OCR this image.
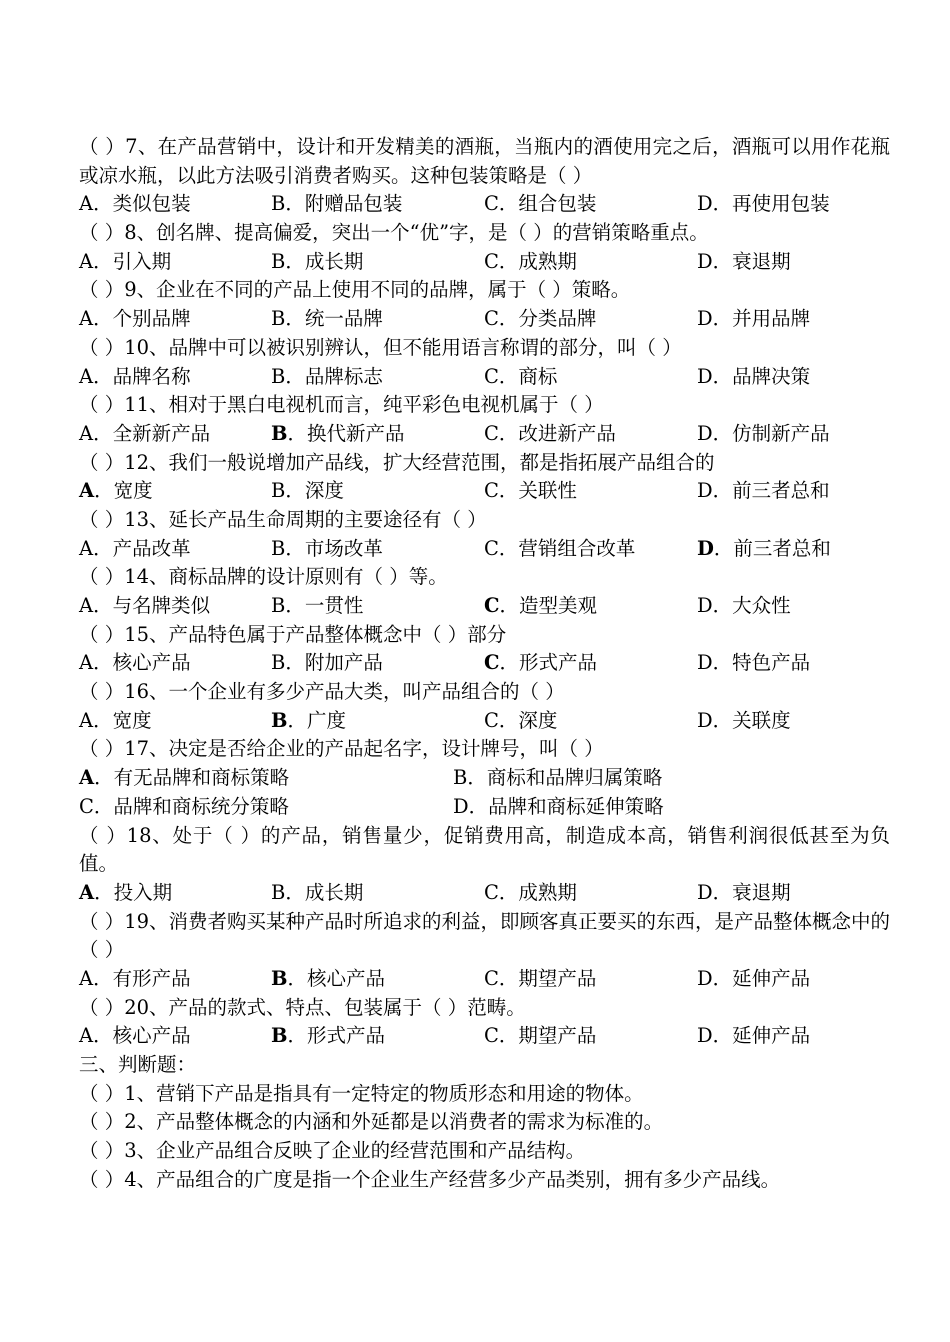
（ ）7、在产品营销中，设计和开发精美的酒瓶，当瓶内的酒使用完之后，酒瓶可以用作花瓶或凉水瓶，以此方法吸引消费者购买。这种包装策略是（ ）
A．类似包装	B．附赠品包装	C．组合包装	D．再使用包装
（ ）8、创名牌、提高偏爱，突出一个“优”字，是（ ）的营销策略重点。
A．引入期	B．成长期	C．成熟期	D．衰退期
（ ）9、企业在不同的产品上使用不同的品牌，属于（ ）策略。
A．个别品牌	B．统一品牌	C．分类品牌	D．并用品牌
（ ）10、品牌中可以被识别辨认，但不能用语言称谓的部分，叫（ ）
A．品牌名称	B．品牌标志	C．商标	D．品牌决策
（ ）11、相对于黑白电视机而言，纯平彩色电视机属于（ ）
A．全新新产品	B．换代新产品	C．改进新产品	D．仿制新产品
（ ）12、我们一般说增加产品线，扩大经营范围，都是指拓展产品组合的
A．宽度	B．深度	C．关联性	D．前三者总和
（ ）13、延长产品生命周期的主要途径有（ ）
A．产品改革	B．市场改革	C．营销组合改革	D．前三者总和
（ ）14、商标品牌的设计原则有（ ）等。
A．与名牌类似	B．一贯性	C．造型美观	D．大众性
（ ）15、产品特色属于产品整体概念中（ ）部分
A．核心产品	B．附加产品	C．形式产品	D．特色产品
（ ）16、一个企业有多少产品大类，叫产品组合的（ ）
A．宽度	B．广度	C．深度	D．关联度
（ ）17、决定是否给企业的产品起名字，设计牌号，叫（ ）
A．有无品牌和商标策略	B．商标和品牌归属策略
C．品牌和商标统分策略	D．品牌和商标延伸策略
（ ）18、处于（ ）的产品，销售量少，促销费用高，制造成本高，销售利润很低甚至为负值。
A．投入期	B．成长期	C．成熟期	D．衰退期
（ ）19、消费者购买某种产品时所追求的利益，即顾客真正要买的东西，是产品整体概念中的（ ）
A．有形产品	B．核心产品	C．期望产品	D．延伸产品
（ ）20、产品的款式、特点、包装属于（ ）范畴。
A．核心产品	B．形式产品	C．期望产品	D．延伸产品
三、判断题：
（ ）1、营销下产品是指具有一定特定的物质形态和用途的物体。
（ ）2、产品整体概念的内涵和外延都是以消费者的需求为标准的。
（ ）3、企业产品组合反映了企业的经营范围和产品结构。
（ ）4、产品组合的广度是指一个企业生产经营多少产品类别，拥有多少产品线。
